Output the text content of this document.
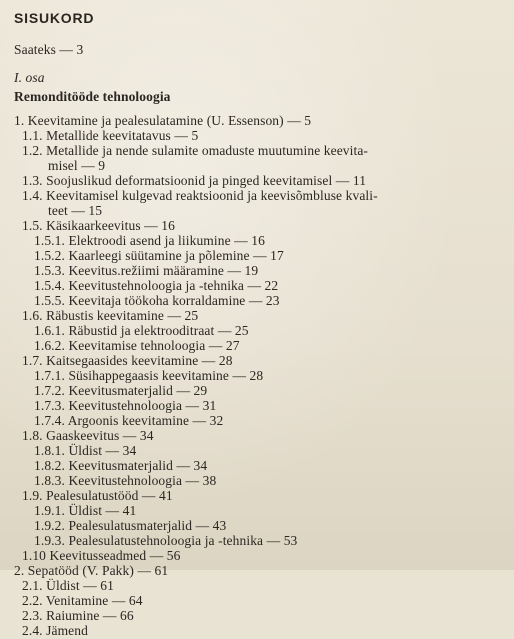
SISUKORD
Saateks — 3
I. osa
Remonditööde tehnoloogia
1. Keevitamine ja pealesulatamine (U. Essenson) — 5
1.1. Metallide keevitatavus — 5
1.2. Metallide ja nende sulamite omaduste muutumine keevita-
misel — 9
1.3. Soojuslikud deformatsioonid ja pinged keevitamisel — 11
1.4. Keevitamisel kulgevad reaktsioonid ja keevisõmbluse kvali-
teet — 15
1.5. Käsikaarkeevitus — 16
1.5.1. Elektroodi asend ja liikumine — 16
1.5.2. Kaarleegi süütamine ja põlemine — 17
1.5.3. Keevitus.režiimi määramine — 19
1.5.4. Keevitustehnoloogia ja -tehnika — 22
1.5.5. Keevitaja töökoha korraldamine — 23
1.6. Räbustis keevitamine — 25
1.6.1. Räbustid ja elektrooditraat — 25
1.6.2. Keevitamise tehnoloogia — 27
1.7. Kaitsegaasides keevitamine — 28
1.7.1. Süsihappegaasis keevitamine — 28
1.7.2. Keevitusmaterjalid — 29
1.7.3. Keevitustehnoloogia — 31
1.7.4. Argoonis keevitamine — 32
1.8. Gaaskeevitus — 34
1.8.1. Üldist — 34
1.8.2. Keevitusmaterjalid — 34
1.8.3. Keevitustehnoloogia — 38
1.9. Pealesulatustööd — 41
1.9.1. Üldist — 41
1.9.2. Pealesulatusmaterjalid — 43
1.9.3. Pealesulatustehnoloogia ja -tehnika — 53
1.10 Keevitusseadmed — 56
2. Sepatööd (V. Pakk) — 61
2.1. Üldist — 61
2.2. Venitamine — 64
2.3. Raiumine — 66
2.4. Jämend
